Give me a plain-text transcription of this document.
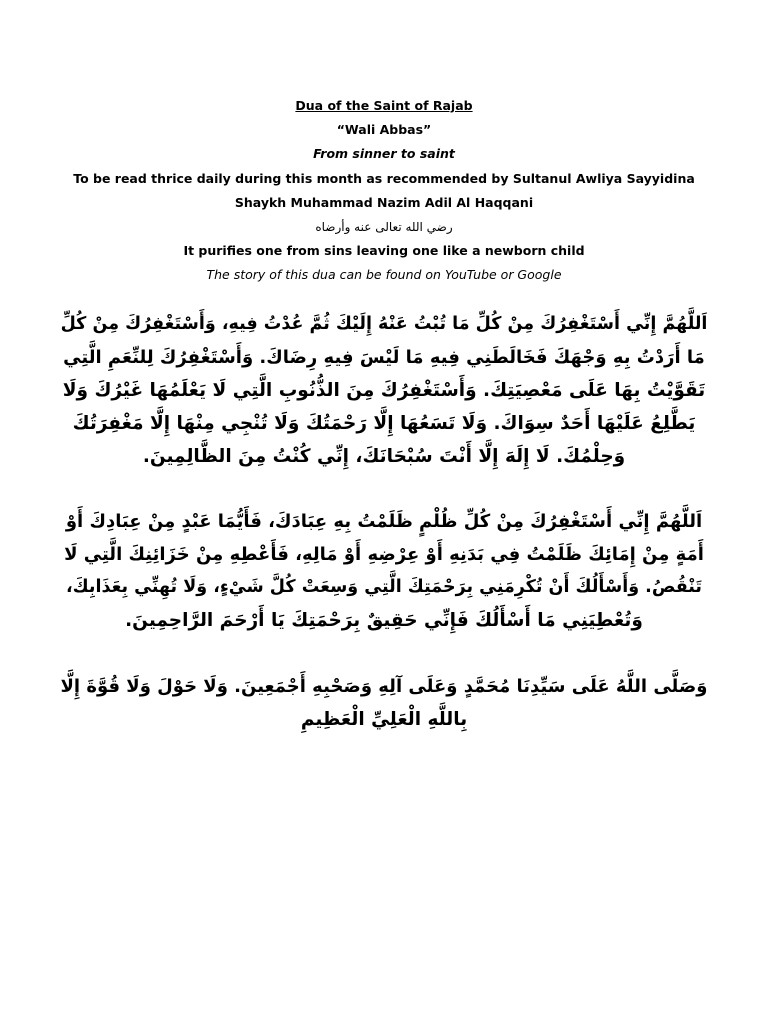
Dua of the Saint of Rajab
“Wali Abbas”
From sinner to saint
To be read thrice daily during this month as recommended by Sultanul Awliya Sayyidina
Shaykh Muhammad Nazim Adil Al Haqqani
رضي الله تعالى عنه وأرضاه
It purifies one from sins leaving one like a newborn child
The story of this dua can be found on YouTube or Google
اَللَّهُمَّ إِنِّي أَسْتَغْفِرُكَ مِنْ كُلِّ مَا تُبْتُ عَنْهُ إِلَيْكَ ثُمَّ عُدْتُ فِيهِ، وَأَسْتَغْفِرُكَ مِنْ كُلِّ
مَا أَرَدْتُ بِهِ وَجْهَكَ فَخَالَطَنِي فِيهِ مَا لَيْسَ فِيهِ رِضَاكَ. وَأَسْتَغْفِرُكَ لِلنِّعَمِ الَّتِي
تَقَوَّيْتُ بِهَا عَلَى مَعْصِيَتِكَ. وَأَسْتَغْفِرُكَ مِنَ الذُّنُوبِ الَّتِي لَا يَعْلَمُهَا غَيْرُكَ وَلَا
يَطَّلِعُ عَلَيْهَا أَحَدٌ سِوَاكَ. وَلَا تَسَعُهَا إِلَّا رَحْمَتُكَ وَلَا تُنْجِي مِنْهَا إِلَّا مَغْفِرَتُكَ
وَحِلْمُكَ. لَا إِلَهَ إِلَّا أَنْتَ سُبْحَانَكَ، إِنِّي كُنْتُ مِنَ الظَّالِمِينَ.
اَللَّهُمَّ إِنِّي أَسْتَغْفِرُكَ مِنْ كُلِّ ظُلْمٍ ظَلَمْتُ بِهِ عِبَادَكَ، فَأَيُّمَا عَبْدٍ مِنْ عِبَادِكَ أَوْ
أَمَةٍ مِنْ إِمَائِكَ ظَلَمْتُ فِي بَدَنِهِ أَوْ عِرْضِهِ أَوْ مَالِهِ، فَأَعْطِهِ مِنْ خَزَائِنِكَ الَّتِي لَا
تَنْقُصُ. وَأَسْأَلُكَ أَنْ تُكْرِمَنِي بِرَحْمَتِكَ الَّتِي وَسِعَتْ كُلَّ شَيْءٍ، وَلَا تُهِنِّي بِعَذَابِكَ،
وَتُعْطِيَنِي مَا أَسْأَلُكَ فَإِنِّي حَقِيقٌ بِرَحْمَتِكَ يَا أَرْحَمَ الرَّاحِمِينَ.
وَصَلَّى اللَّهُ عَلَى سَيِّدِنَا مُحَمَّدٍ وَعَلَى آلِهِ وَصَحْبِهِ أَجْمَعِينَ. وَلَا حَوْلَ وَلَا قُوَّةَ إِلَّا
بِاللَّهِ الْعَلِيِّ الْعَظِيمِ
